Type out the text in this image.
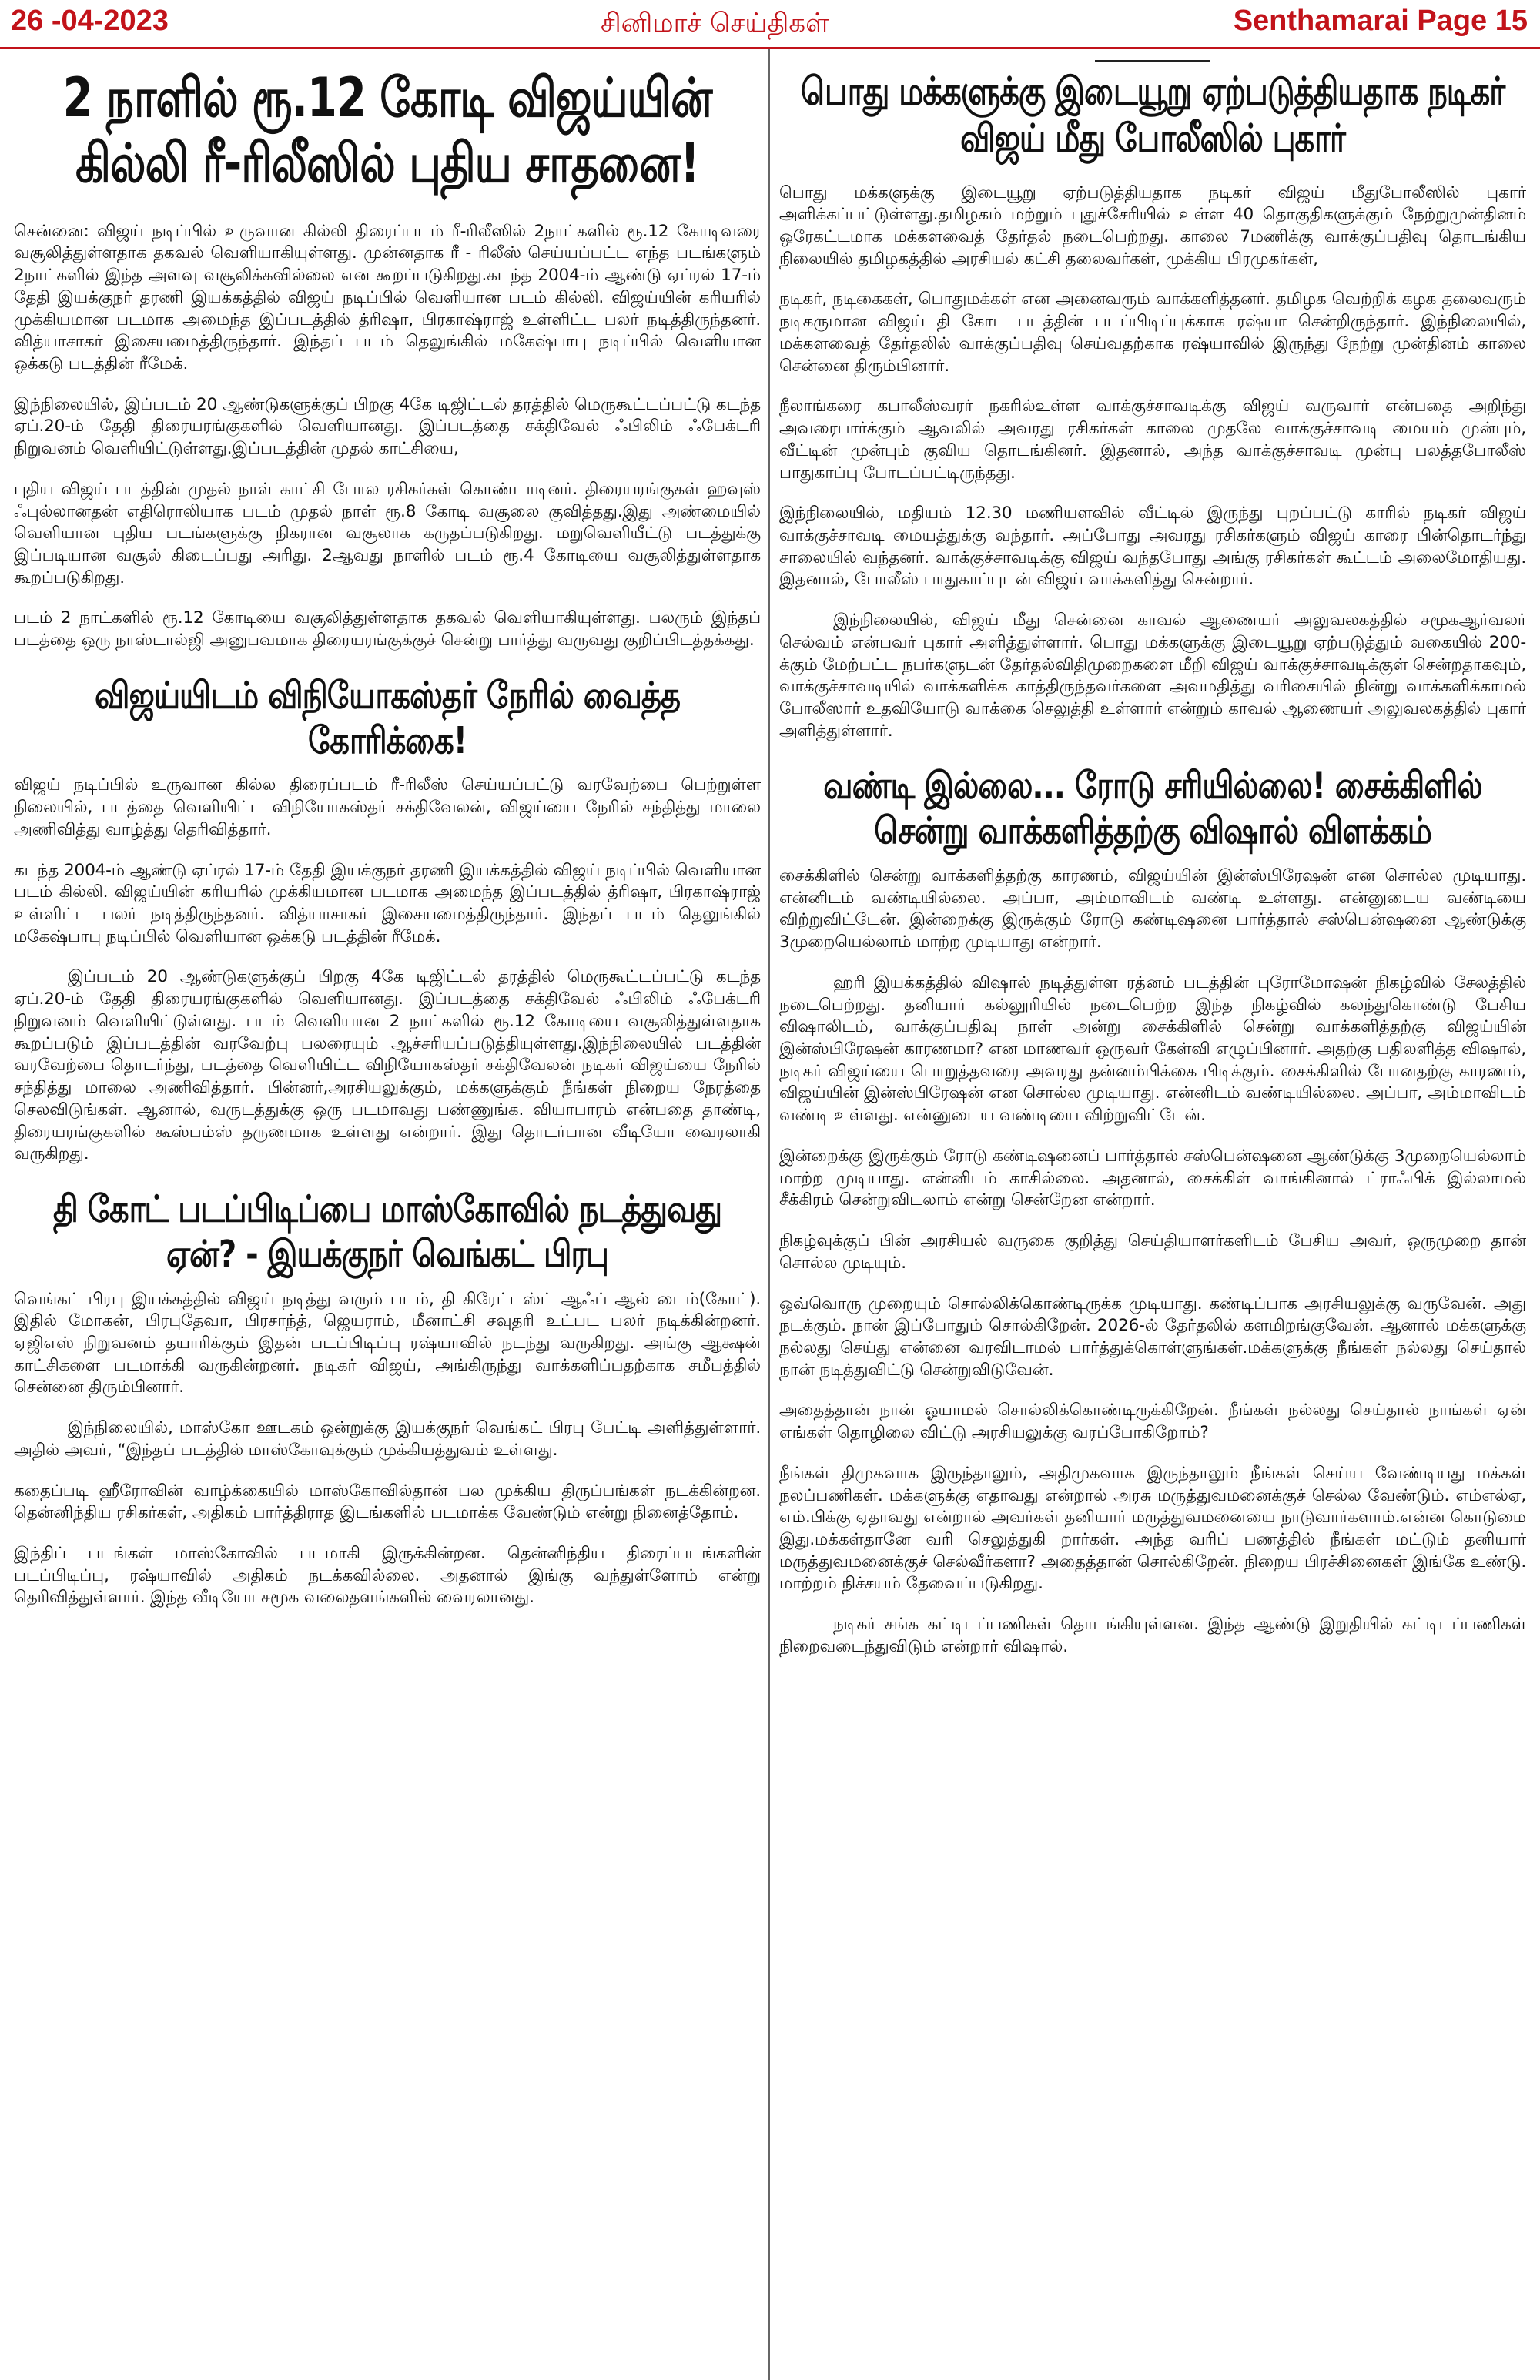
26 -04-2023	சினிமாச் செய்திகள்	Senthamarai Page 15
2 நாளில் ரூ.12 கோடி விஜய்யின் கில்லி ரீ-ரிலீஸில் புதிய சாதனை!

சென்னை: விஜய் நடிப்பில் உருவான கில்லி திரைப்படம் ரீ-ரிலீஸில் 2நாட்களில் ரூ.12 கோடிவரை வசூலித்துள்ளதாக தகவல் வெளியாகியுள்ளது. முன்னதாக ரீ - ரிலீஸ் செய்யப்பட்ட எந்த படங்களும் 2நாட்களில் இந்த அளவு வசூலிக்கவில்லை என கூறப்படுகிறது.கடந்த 2004-ம் ஆண்டு ஏப்ரல் 17-ம் தேதி இயக்குநர் தரணி இயக்கத்தில் விஜய் நடிப்பில் வெளியான படம் கில்லி. விஜய்யின் கரியரில் முக்கியமான படமாக அமைந்த இப்படத்தில் த்ரிஷா, பிரகாஷ்ராஜ் உள்ளிட்ட பலர் நடித்திருந்தனர். வித்யாசாகர் இசையமைத்திருந்தார். இந்தப் படம் தெலுங்கில் மகேஷ்பாபு நடிப்பில் வெளியான ஒக்கடு படத்தின் ரீமேக்.

இந்நிலையில், இப்படம் 20 ஆண்டுகளுக்குப் பிறகு 4கே டிஜிட்டல் தரத்தில் மெருகூட்டப்பட்டு கடந்த ஏப்.20-ம் தேதி திரையரங்குகளில் வெளியானது. இப்படத்தை சக்திவேல் ஃபிலிம் ஃபேக்டரி நிறுவனம் வெளியிட்டுள்ளது.இப்படத்தின் முதல் காட்சியை,

புதிய விஜய் படத்தின் முதல் நாள் காட்சி போல ரசிகர்கள் கொண்டாடினர். திரையரங்குகள் ஹவுஸ் ஃபுல்லானதன் எதிரொலியாக படம் முதல் நாள் ரூ.8 கோடி வசூலை குவித்தது.இது அண்மையில் வெளியான புதிய படங்களுக்கு நிகரான வசூலாக கருதப்படுகிறது. மறுவெளியீட்டு படத்துக்கு இப்படியான வசூல் கிடைப்பது அரிது. 2ஆவது நாளில் படம் ரூ.4 கோடியை வசூலித்துள்ளதாக கூறப்படுகிறது.

படம் 2 நாட்களில் ரூ.12 கோடியை வசூலித்துள்ளதாக தகவல் வெளியாகியுள்ளது. பலரும் இந்தப் படத்தை ஒரு நாஸ்டால்ஜி அனுபவமாக திரையரங்குக்குச் சென்று பார்த்து வருவது குறிப்பிடத்தக்கது.

விஜய்யிடம் விநியோகஸ்தர் நேரில் வைத்த கோரிக்கை!

விஜய் நடிப்பில் உருவான கில்ல திரைப்படம் ரீ-ரிலீஸ் செய்யப்பட்டு வரவேற்பை பெற்றுள்ள நிலையில், படத்தை வெளியிட்ட விநியோகஸ்தர் சக்திவேலன், விஜய்யை நேரில் சந்தித்து மாலை அணிவித்து வாழ்த்து தெரிவித்தார்.

கடந்த 2004-ம் ஆண்டு ஏப்ரல் 17-ம் தேதி இயக்குநர் தரணி இயக்கத்தில் விஜய் நடிப்பில் வெளியான படம் கில்லி. விஜய்யின் கரியரில் முக்கியமான படமாக அமைந்த இப்படத்தில் த்ரிஷா, பிரகாஷ்ராஜ் உள்ளிட்ட பலர் நடித்திருந்தனர். வித்யாசாகர் இசையமைத்திருந்தார். இந்தப் படம் தெலுங்கில் மகேஷ்பாபு நடிப்பில் வெளியான ஒக்கடு படத்தின் ரீமேக்.

இப்படம் 20 ஆண்டுகளுக்குப் பிறகு 4கே டிஜிட்டல் தரத்தில் மெருகூட்டப்பட்டு கடந்த ஏப்.20-ம் தேதி திரையரங்குகளில் வெளியானது. இப்படத்தை சக்திவேல் ஃபிலிம் ஃபேக்டரி நிறுவனம் வெளியிட்டுள்ளது. படம் வெளியான 2 நாட்களில் ரூ.12 கோடியை வசூலித்துள்ளதாக கூறப்படும் இப்படத்தின் வரவேற்பு பலரையும் ஆச்சரியப்படுத்தியுள்ளது.இந்நிலையில் படத்தின் வரவேற்பை தொடர்ந்து, படத்தை வெளியிட்ட விநியோகஸ்தர் சக்திவேலன் நடிகர் விஜய்யை நேரில் சந்தித்து மாலை அணிவித்தார். பின்னர்,அரசியலுக்கும், மக்களுக்கும் நீங்கள் நிறைய நேரத்தை செலவிடுங்கள். ஆனால், வருடத்துக்கு ஒரு படமாவது பண்ணுங்க. வியாபாரம் என்பதை தாண்டி, திரையரங்குகளில் கூஸ்பம்ஸ் தருணமாக உள்ளது என்றார். இது தொடர்பான வீடியோ வைரலாகி வருகிறது.

தி கோட் படப்பிடிப்பை மாஸ்கோவில் நடத்துவது ஏன்? - இயக்குநர் வெங்கட் பிரபு

வெங்கட் பிரபு இயக்கத்தில் விஜய் நடித்து வரும் படம், தி கிரேட்டஸ்ட் ஆஃப் ஆல் டைம்(கோட்). இதில் மோகன், பிரபுதேவா, பிரசாந்த், ஜெயராம், மீனாட்சி சவுதரி உட்பட பலர் நடிக்கின்றனர். ஏஜிஎஸ் நிறுவனம் தயாரிக்கும் இதன் படப்பிடிப்பு ரஷ்யாவில் நடந்து வருகிறது. அங்கு ஆக்ஷன் காட்சிகளை படமாக்கி வருகின்றனர். நடிகர் விஜய், அங்கிருந்து வாக்களிப்பதற்காக சமீபத்தில் சென்னை திரும்பினார்.

இந்நிலையில், மாஸ்கோ ஊடகம் ஒன்றுக்கு இயக்குநர் வெங்கட் பிரபு பேட்டி அளித்துள்ளார். அதில் அவர், “இந்தப் படத்தில் மாஸ்கோவுக்கும் முக்கியத்துவம் உள்ளது.

கதைப்படி ஹீரோவின் வாழ்க்கையில் மாஸ்கோவில்தான் பல முக்கிய திருப்பங்கள் நடக்கின்றன. தென்னிந்திய ரசிகர்கள், அதிகம் பார்த்திராத இடங்களில் படமாக்க வேண்டும் என்று நினைத்தோம்.

இந்திப் படங்கள் மாஸ்கோவில் படமாகி இருக்கின்றன. தென்னிந்திய திரைப்படங்களின் படப்பிடிப்பு, ரஷ்யாவில் அதிகம் நடக்கவில்லை. அதனால் இங்கு வந்துள்ளோம் என்று தெரிவித்துள்ளார். இந்த வீடியோ சமூக வலைதளங்களில் வைரலானது.

பொது மக்களுக்கு இடையூறு ஏற்படுத்தியதாக நடிகர் விஜய் மீது போலீஸில் புகார்

பொது மக்களுக்கு இடையூறு ஏற்படுத்தியதாக நடிகர் விஜய் மீதுபோலீஸில் புகார் அளிக்கப்பட்டுள்ளது.தமிழகம் மற்றும் புதுச்சேரியில் உள்ள 40 தொகுதிகளுக்கும் நேற்றுமுன்தினம் ஒரேகட்டமாக மக்களவைத் தேர்தல் நடைபெற்றது. காலை 7மணிக்கு வாக்குப்பதிவு தொடங்கிய நிலையில் தமிழகத்தில் அரசியல் கட்சி தலைவர்கள், முக்கிய பிரமுகர்கள்,

நடிகர், நடிகைகள், பொதுமக்கள் என அனைவரும் வாக்களித்தனர். தமிழக வெற்றிக் கழக தலைவரும் நடிகருமான விஜய் தி கோட படத்தின் படப்பிடிப்புக்காக ரஷ்யா சென்றிருந்தார். இந்நிலையில், மக்களவைத் தேர்தலில் வாக்குப்பதிவு செய்வதற்காக ரஷ்யாவில் இருந்து நேற்று முன்தினம் காலை சென்னை திரும்பினார்.

நீலாங்கரை கபாலீஸ்வரர் நகரில்உள்ள வாக்குச்சாவடிக்கு விஜய் வருவார் என்பதை அறிந்து அவரைபார்க்கும் ஆவலில் அவரது ரசிகர்கள் காலை முதலே வாக்குச்சாவடி மையம் முன்பும், வீட்டின் முன்பும் குவிய தொடங்கினர். இதனால், அந்த வாக்குச்சாவடி முன்பு பலத்தபோலீஸ் பாதுகாப்பு போடப்பட்டிருந்தது.

இந்நிலையில், மதியம் 12.30 மணியளவில் வீட்டில் இருந்து புறப்பட்டு காரில் நடிகர் விஜய் வாக்குச்சாவடி மையத்துக்கு வந்தார். அப்போது அவரது ரசிகர்களும் விஜய் காரை பின்தொடர்ந்து சாலையில் வந்தனர். வாக்குச்சாவடிக்கு விஜய் வந்தபோது அங்கு ரசிகர்கள் கூட்டம் அலைமோதியது. இதனால், போலீஸ் பாதுகாப்புடன் விஜய் வாக்களித்து சென்றார்.

இந்நிலையில், விஜய் மீது சென்னை காவல் ஆணையர் அலுவலகத்தில் சமூகஆர்வலர் செல்வம் என்பவர் புகார் அளித்துள்ளார். பொது மக்களுக்கு இடையூறு ஏற்படுத்தும் வகையில் 200-க்கும் மேற்பட்ட நபர்களுடன் தேர்தல்விதிமுறைகளை மீறி விஜய் வாக்குச்சாவடிக்குள் சென்றதாகவும், வாக்குச்சாவடியில் வாக்களிக்க காத்திருந்தவர்களை அவமதித்து வரிசையில் நின்று வாக்களிக்காமல் போலீஸார் உதவியோடு வாக்கை செலுத்தி உள்ளார் என்றும் காவல் ஆணையர் அலுவலகத்தில் புகார் அளித்துள்ளார்.

வண்டி இல்லை... ரோடு சரியில்லை! சைக்கிளில் சென்று வாக்களித்தற்கு விஷால் விளக்கம்

சைக்கிளில் சென்று வாக்களித்தற்கு காரணம், விஜய்யின் இன்ஸ்பிரேஷன் என சொல்ல முடியாது. என்னிடம் வண்டியில்லை. அப்பா, அம்மாவிடம் வண்டி உள்ளது. என்னுடைய வண்டியை விற்றுவிட்டேன். இன்றைக்கு இருக்கும் ரோடு கண்டிஷனை பார்த்தால் சஸ்பென்ஷனை ஆண்டுக்கு 3முறையெல்லாம் மாற்ற முடியாது என்றார்.

ஹரி இயக்கத்தில் விஷால் நடித்துள்ள ரத்னம் படத்தின் புரோமோஷன் நிகழ்வில் சேலத்தில் நடைபெற்றது. தனியார் கல்லூரியில் நடைபெற்ற இந்த நிகழ்வில் கலந்துகொண்டு பேசிய விஷாலிடம், வாக்குப்பதிவு நாள் அன்று சைக்கிளில் சென்று வாக்களித்தற்கு விஜய்யின் இன்ஸ்பிரேஷன் காரணமா? என மாணவர் ஒருவர் கேள்வி எழுப்பினார். அதற்கு பதிலளித்த விஷால், நடிகர் விஜய்யை பொறுத்தவரை அவரது தன்னம்பிக்கை பிடிக்கும். சைக்கிளில் போனதற்கு காரணம், விஜய்யின் இன்ஸ்பிரேஷன் என சொல்ல முடியாது. என்னிடம் வண்டியில்லை. அப்பா, அம்மாவிடம் வண்டி உள்ளது. என்னுடைய வண்டியை விற்றுவிட்டேன்.

இன்றைக்கு இருக்கும் ரோடு கண்டிஷனைப் பார்த்தால் சஸ்பென்ஷனை ஆண்டுக்கு 3முறையெல்லாம் மாற்ற முடியாது. என்னிடம் காசில்லை. அதனால், சைக்கிள் வாங்கினால் ட்ராஃபிக் இல்லாமல் சீக்கிரம் சென்றுவிடலாம் என்று சென்றேன என்றார்.

நிகழ்வுக்குப் பின் அரசியல் வருகை குறித்து செய்தியாளர்களிடம் பேசிய அவர், ஒருமுறை தான் சொல்ல முடியும்.

ஒவ்வொரு முறையும் சொல்லிக்கொண்டிருக்க முடியாது. கண்டிப்பாக அரசியலுக்கு வருவேன். அது நடக்கும். நான் இப்போதும் சொல்கிறேன். 2026-ல் தேர்தலில் களமிறங்குவேன். ஆனால் மக்களுக்கு நல்லது செய்து என்னை வரவிடாமல் பார்த்துக்கொள்ளுங்கள்.மக்களுக்கு நீங்கள் நல்லது செய்தால் நான் நடித்துவிட்டு சென்றுவிடுவேன்.

அதைத்தான் நான் ஓயாமல் சொல்லிக்கொண்டிருக்கிறேன். நீங்கள் நல்லது செய்தால் நாங்கள் ஏன் எங்கள் தொழிலை விட்டு அரசியலுக்கு வரப்போகிறோம்?

நீங்கள் திமுகவாக இருந்தாலும், அதிமுகவாக இருந்தாலும் நீங்கள் செய்ய வேண்டியது மக்கள் நலப்பணிகள். மக்களுக்கு எதாவது என்றால் அரசு மருத்துவமனைக்குச் செல்ல வேண்டும். எம்எல்ஏ, எம்.பிக்கு ஏதாவது என்றால் அவர்கள் தனியார் மருத்துவமனையை நாடுவார்களாம்.என்ன கொடுமை இது.மக்கள்தானே வரி செலுத்துகி றார்கள். அந்த வரிப் பணத்தில் நீங்கள் மட்டும் தனியார் மருத்துவமனைக்குச் செல்வீர்களா? அதைத்தான் சொல்கிறேன். நிறைய பிரச்சினைகள் இங்கே உண்டு. மாற்றம் நிச்சயம் தேவைப்படுகிறது.

நடிகர் சங்க கட்டிடப்பணிகள் தொடங்கியுள்ளன. இந்த ஆண்டு இறுதியில் கட்டிடப்பணிகள் நிறைவடைந்துவிடும் என்றார் விஷால்.
